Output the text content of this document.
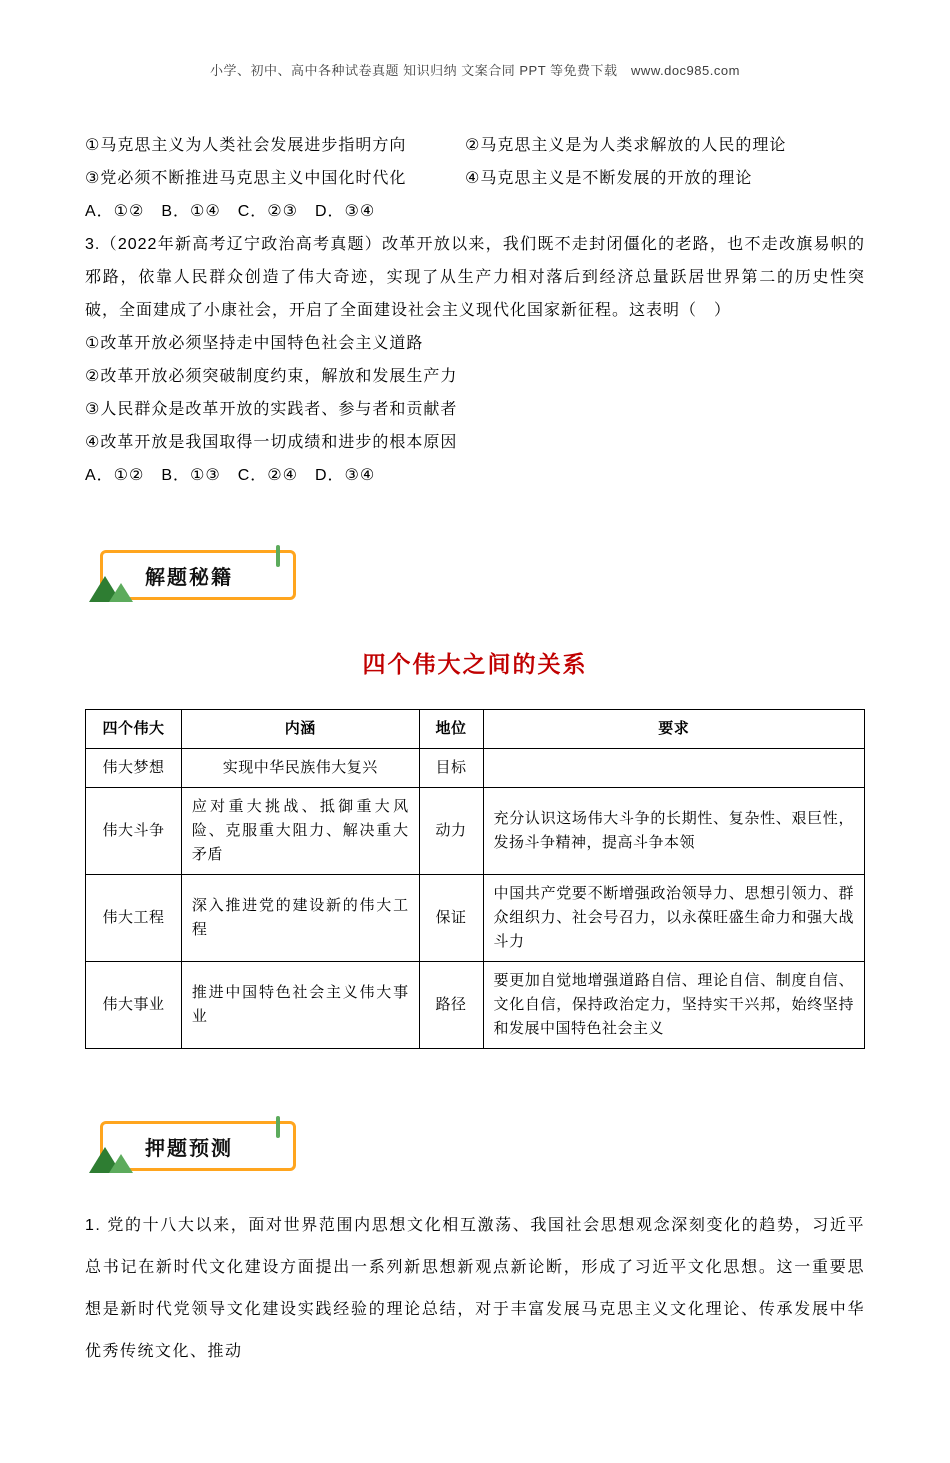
小学、初中、高中各种试卷真题 知识归纳 文案合同 PPT 等免费下载　www.doc985.com
①马克思主义为人类社会发展进步指明方向	②马克思主义是为人类求解放的人民的理论
③党必须不断推进马克思主义中国化时代化	④马克思主义是不断发展的开放的理论
A．①②　B．①④　C．②③　D．③④

3.（2022年新高考辽宁政治高考真题）改革开放以来，我们既不走封闭僵化的老路，也不走改旗易帜的邪路，依靠人民群众创造了伟大奇迹，实现了从生产力相对落后到经济总量跃居世界第二的历史性突破，全面建成了小康社会，开启了全面建设社会主义现代化国家新征程。这表明（　）

①改革开放必须坚持走中国特色社会主义道路
②改革开放必须突破制度约束，解放和发展生产力
③人民群众是改革开放的实践者、参与者和贡献者
④改革开放是我国取得一切成绩和进步的根本原因
A．①②　B．①③　C．②④　D．③④
解题秘籍
四个伟大之间的关系
四个伟大	内涵	地位	要求
伟大梦想	实现中华民族伟大复兴	目标	
伟大斗争	应对重大挑战、抵御重大风险、克服重大阻力、解决重大矛盾	动力	充分认识这场伟大斗争的长期性、复杂性、艰巨性，发扬斗争精神，提高斗争本领
伟大工程	深入推进党的建设新的伟大工程	保证	中国共产党要不断增强政治领导力、思想引领力、群众组织力、社会号召力，以永葆旺盛生命力和强大战斗力
伟大事业	推进中国特色社会主义伟大事业	路径	要更加自觉地增强道路自信、理论自信、制度自信、文化自信，保持政治定力，坚持实干兴邦，始终坚持和发展中国特色社会主义
押题预测

1. 党的十八大以来，面对世界范围内思想文化相互激荡、我国社会思想观念深刻变化的趋势，习近平总书记在新时代文化建设方面提出一系列新思想新观点新论断，形成了习近平文化思想。这一重要思想是新时代党领导文化建设实践经验的理论总结，对于丰富发展马克思主义文化理论、传承发展中华优秀传统文化、推动
